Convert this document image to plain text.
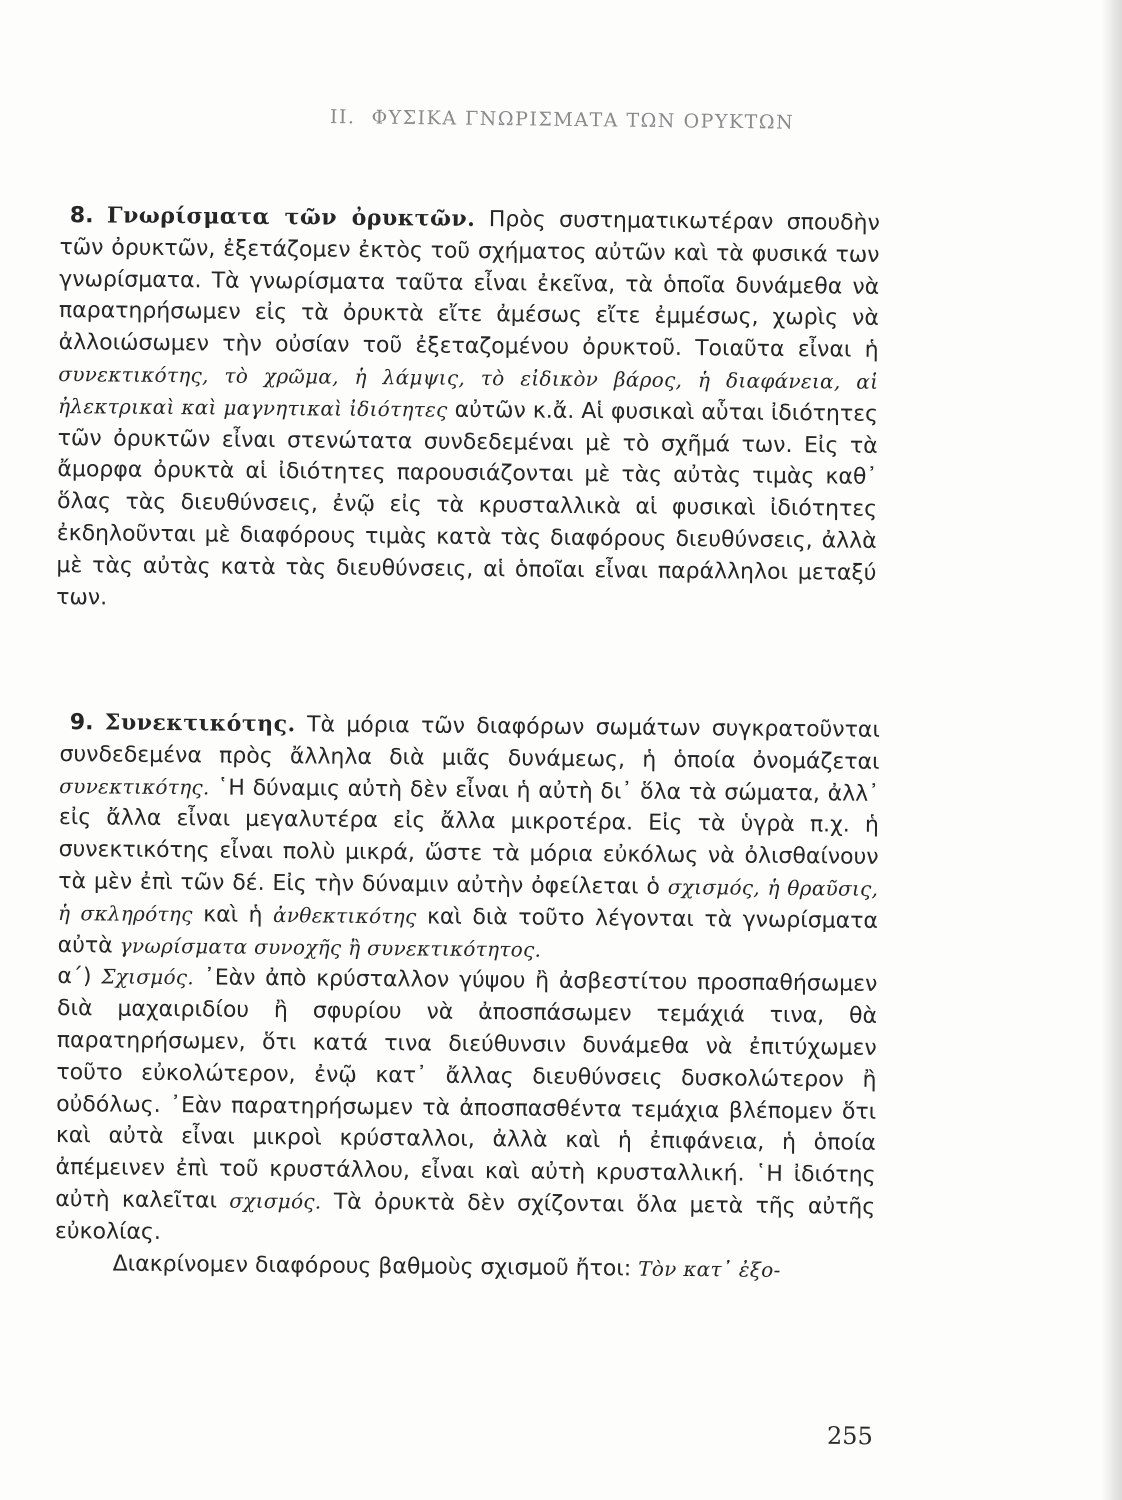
II. ΦΥΣΙΚΑ ΓΝΩΡΙΣΜΑΤΑ ΤΩΝ ΟΡΥΚΤΩΝ

8. Γνωρίσματα τῶν ὀρυκτῶν. Πρὸς συστηματικωτέραν σπουδὴν τῶν ὀρυκτῶν, ἐξετάζομεν ἐκτὸς τοῦ σχήματος αὐτῶν καὶ τὰ φυσικά των γνωρίσματα. Τὰ γνωρίσματα ταῦτα εἶναι ἐκεῖνα, τὰ ὁποῖα δυνάμεθα νὰ παρατηρήσωμεν εἰς τὰ ὀρυκτὰ εἴτε ἀμέσως εἴτε ἐμμέσως, χωρὶς νὰ ἀλλοιώσωμεν τὴν οὐσίαν τοῦ ἐξεταζομένου ὀρυκτοῦ. Τοιαῦτα εἶναι ἡ συνεκτικότης, τὸ χρῶμα, ἡ λάμψις, τὸ εἰδικὸν βάρος, ἡ διαφάνεια, αἱ ἠλεκτρικαὶ καὶ μαγνητικαὶ ἰδιότητες αὐτῶν κ.ἄ. Αἱ φυσικαὶ αὗται ἰδιότητες τῶν ὀρυκτῶν εἶναι στενώτατα συνδεδεμέναι μὲ τὸ σχῆμά των. Εἰς τὰ ἄμορφα ὀρυκτὰ αἱ ἰδιότητες παρουσιάζονται μὲ τὰς αὐτὰς τιμὰς καθ᾽ ὅλας τὰς διευθύνσεις, ἐνῷ εἰς τὰ κρυσταλλικὰ αἱ φυσικαὶ ἰδιότητες ἐκδηλοῦνται μὲ διαφόρους τιμὰς κατὰ τὰς διαφόρους διευθύνσεις, ἀλλὰ μὲ τὰς αὐτὰς κατὰ τὰς διευθύνσεις, αἱ ὁποῖαι εἶναι παράλληλοι μεταξύ των.

9. Συνεκτικότης. Τὰ μόρια τῶν διαφόρων σωμάτων συγκρατοῦνται συνδεδεμένα πρὸς ἄλληλα διὰ μιᾶς δυνάμεως, ἡ ὁποία ὀνομάζεται συνεκτικότης. ῾Η δύναμις αὐτὴ δὲν εἶναι ἡ αὐτὴ δι᾽ ὅλα τὰ σώματα, ἀλλ᾽ εἰς ἄλλα εἶναι μεγαλυτέρα εἰς ἄλλα μικροτέρα. Εἰς τὰ ὑγρὰ π.χ. ἡ συνεκτικότης εἶναι πολὺ μικρά, ὥστε τὰ μόρια εὐκόλως νὰ ὀλισθαίνουν τὰ μὲν ἐπὶ τῶν δέ. Εἰς τὴν δύναμιν αὐτὴν ὀφείλεται ὁ σχισμός, ἡ θραῦσις, ἡ σκληρότης καὶ ἡ ἀνθεκτικότης καὶ διὰ τοῦτο λέγονται τὰ γνωρίσματα αὐτὰ γνωρίσματα συνοχῆς ἢ συνεκτικότητος.

α΄) Σχισμός. ᾽Εὰν ἀπὸ κρύσταλλον γύψου ἢ ἀσβεστίτου προσπαθήσωμεν διὰ μαχαιριδίου ἢ σφυρίου νὰ ἀποσπάσωμεν τεμάχιά τινα, θὰ παρατηρήσωμεν, ὅτι κατά τινα διεύθυνσιν δυνάμεθα νὰ ἐπιτύχωμεν τοῦτο εὐκολώτερον, ἐνῷ κατ᾽ ἄλλας διευθύνσεις δυσκολώτερον ἢ οὐδόλως. ᾽Εὰν παρατηρήσωμεν τὰ ἀποσπασθέντα τεμάχια βλέπομεν ὅτι καὶ αὐτὰ εἶναι μικροὶ κρύσταλλοι, ἀλλὰ καὶ ἡ ἐπιφάνεια, ἡ ὁποία ἀπέμεινεν ἐπὶ τοῦ κρυστάλλου, εἶναι καὶ αὐτὴ κρυσταλλική. ῾Η ἰδιότης αὐτὴ καλεῖται σχισμός. Τὰ ὀρυκτὰ δὲν σχίζονται ὅλα μετὰ τῆς αὐτῆς εὐκολίας.

Διακρίνομεν διαφόρους βαθμοὺς σχισμοῦ ἤτοι: Τὸν κατ᾽ ἐξο-

255
